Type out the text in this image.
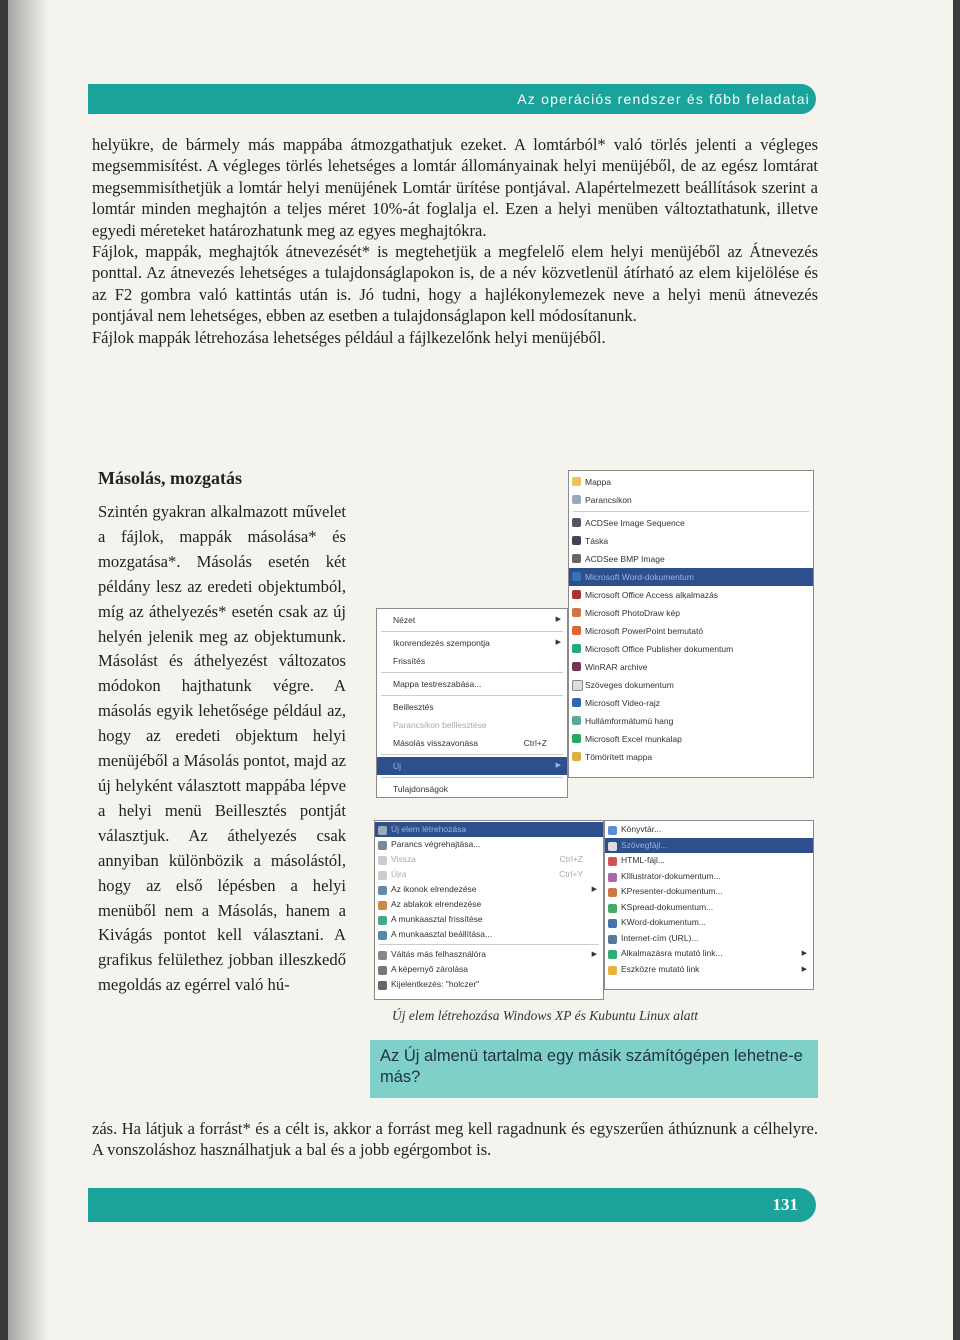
Az operációs rendszer és főbb feladatai

helyükre, de bármely más mappába átmozgathatjuk ezeket. A lomtárból* való törlés jelenti a végleges megsemmisítést. A végleges törlés lehetséges a lomtár állományainak helyi menüjéből, de az egész lomtárat megsemmisíthetjük a lomtár helyi menüjének Lomtár ürítése pontjával. Alapértelmezett beállítások szerint a lomtár minden meghajtón a teljes méret 10%-át foglalja el. Ezen a helyi menüben változtathatunk, illetve egyedi méreteket határozhatunk meg az egyes meghajtókra.

Fájlok, mappák, meghajtók átnevezését* is megtehetjük a megfelelő elem helyi menüjéből az Átnevezés ponttal. Az átnevezés lehetséges a tulajdonságlapokon is, de a név közvetlenül átírható az elem kijelölése és az F2 gombra való kattintás után is. Jó tudni, hogy a hajlékonylemezek neve a helyi menü átnevezés pontjával nem lehetséges, ebben az esetben a tulajdonságlapon kell módosítanunk.

Fájlok mappák létrehozása lehetséges például a fájlkezelőnk helyi menüjéből.

Másolás, mozgatás

Szintén gyakran alkalmazott művelet a fájlok, mappák másolása* és mozgatása*. Másolás esetén két példány lesz az eredeti objektumból, míg az áthelyezés* esetén csak az új helyén jelenik meg az objektumunk. Másolást és áthelyezést változatos módokon hajthatunk végre. A másolás egyik lehetősége például az, hogy az eredeti objektum helyi menüjéből a Másolás pontot, majd az új helyként választott mappába lépve a helyi menü Beillesztés pontját választjuk. Az áthelyezés csak annyiban különbözik a másolástól, hogy az első lépésben a helyi menüből nem a Másolás, hanem a Kivágás pontot kell választani. A grafikus felülethez jobban illeszkedő megoldás az egérrel való hú-

Nézet	▶
Ikonrendezés szempontja	▶
Frissítés
Mappa testreszabása...
Beillesztés
Parancsikon beillesztése
Másolás visszavonása	Ctrl+Z
Új	▶
Tulajdonságok
Mappa
Parancsikon
ACDSee Image Sequence
Táska
ACDSee BMP Image
Microsoft Word-dokumentum
Microsoft Office Access alkalmazás
Microsoft PhotoDraw kép
Microsoft PowerPoint bemutató
Microsoft Office Publisher dokumentum
WinRAR archive
Szöveges dokumentum
Microsoft Video-rajz
Hullámformátumú hang
Microsoft Excel munkalap
Tömörített mappa
Új elem létrehozása
Parancs végrehajtása...
Vissza	Ctrl+Z
Újra	Ctrl+Y
Az ikonok elrendezése	▶
Az ablakok elrendezése
A munkaasztal frissítése
A munkaasztal beállítása...
Váltás más felhasználóra	▶
A képernyő zárolása
Kijelentkezés: "holczer"
Könyvtár...
Szövegfájl...
HTML-fájl...
KIllustrator-dokumentum...
KPresenter-dokumentum...
KSpread-dokumentum...
KWord-dokumentum...
Internet-cím (URL)...
Alkalmazásra mutató link...	▶
Eszközre mutató link	▶
Új elem létrehozása Windows XP és Kubuntu Linux alatt
Az Új almenü tartalma egy másik számítógépen lehetne-e más?

zás. Ha látjuk a forrást* és a célt is, akkor a forrást meg kell ragadnunk és egyszerűen áthúznunk a célhelyre. A vonszoláshoz használhatjuk a bal és a jobb egérgombot is.

131
